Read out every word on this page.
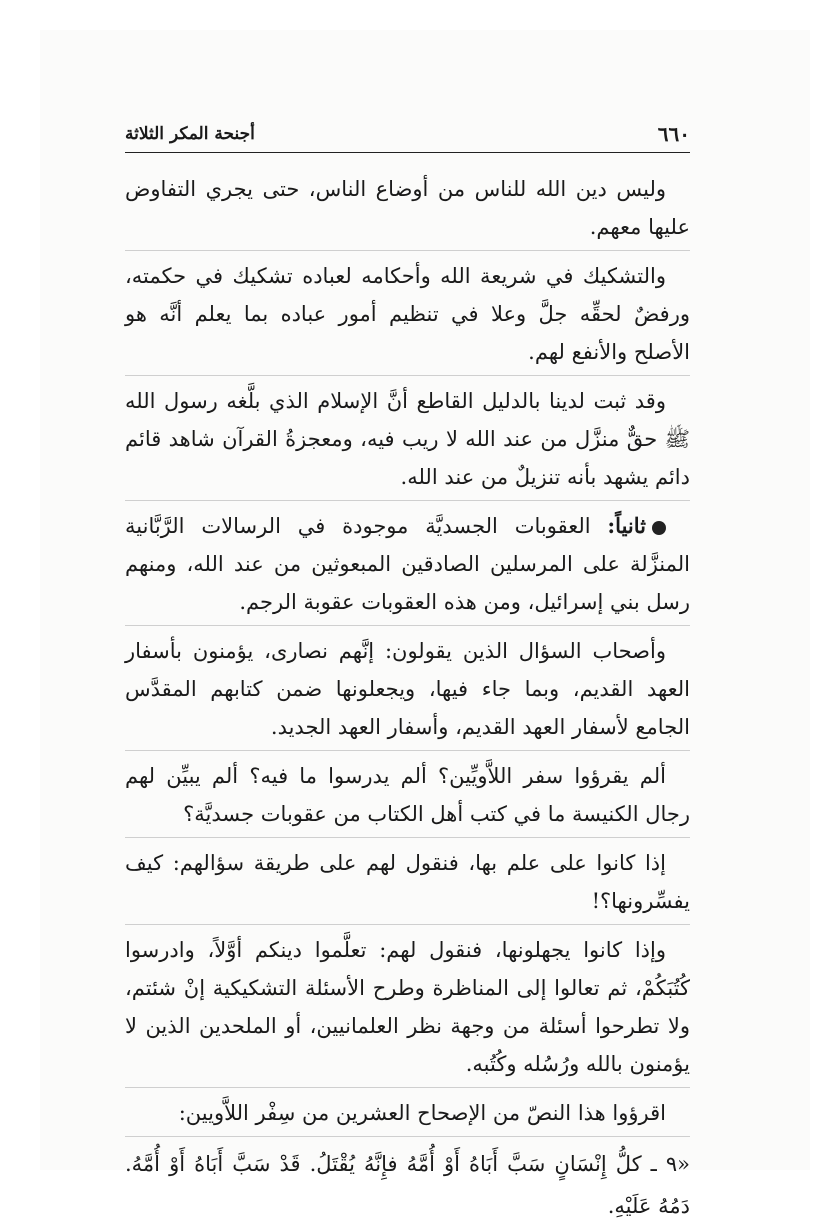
٦٦٠
أجنحة المكر الثلاثة

وليس دين الله للناس من أوضاع الناس، حتى يجري التفاوض عليها معهم.

والتشكيك في شريعة الله وأحكامه لعباده تشكيك في حكمته، ورفضٌ لحقِّه جلَّ وعلا في تنظيم أمور عباده بما يعلم أنَّه هو الأصلح والأنفع لهم.

وقد ثبت لدينا بالدليل القاطع أنَّ الإسلام الذي بلَّغه رسول الله ﷺ حقٌّ منزَّل من عند الله لا ريب فيه، ومعجزةُ القرآن شاهد قائم دائم يشهد بأنه تنزيلٌ من عند الله.

ثانياً: العقوبات الجسديَّة موجودة في الرسالات الرَّبَّانية المنزَّلة على المرسلين الصادقين المبعوثين من عند الله، ومنهم رسل بني إسرائيل، ومن هذه العقوبات عقوبة الرجم.

وأصحاب السؤال الذين يقولون: إنَّهم نصارى، يؤمنون بأسفار العهد القديم، وبما جاء فيها، ويجعلونها ضمن كتابهم المقدَّس الجامع لأسفار العهد القديم، وأسفار العهد الجديد.

ألم يقرؤوا سفر اللاَّويِّين؟ ألم يدرسوا ما فيه؟ ألم يبيِّن لهم رجال الكنيسة ما في كتب أهل الكتاب من عقوبات جسديَّة؟

إذا كانوا على علم بها، فنقول لهم على طريقة سؤالهم: كيف يفسِّرونها؟!

وإذا كانوا يجهلونها، فنقول لهم: تعلَّموا دينكم أوَّلاً، وادرسوا كُتُبَكُمْ، ثم تعالوا إلى المناظرة وطرح الأسئلة التشكيكية إنْ شئتم، ولا تطرحوا أسئلة من وجهة نظر العلمانيين، أو الملحدين الذين لا يؤمنون بالله ورُسُله وكُتُبه.

اقرؤوا هذا النصّ من الإصحاح العشرين من سِفْر اللاَّويين:

«٩ ـ كلُّ إِنْسَانٍ سَبَّ أَبَاهُ أَوْ أُمَّهُ فإِنَّهُ يُقْتَلُ. قَدْ سَبَّ أَبَاهُ أَوْ أُمَّهُ. دَمُهُ عَلَيْهِ.
